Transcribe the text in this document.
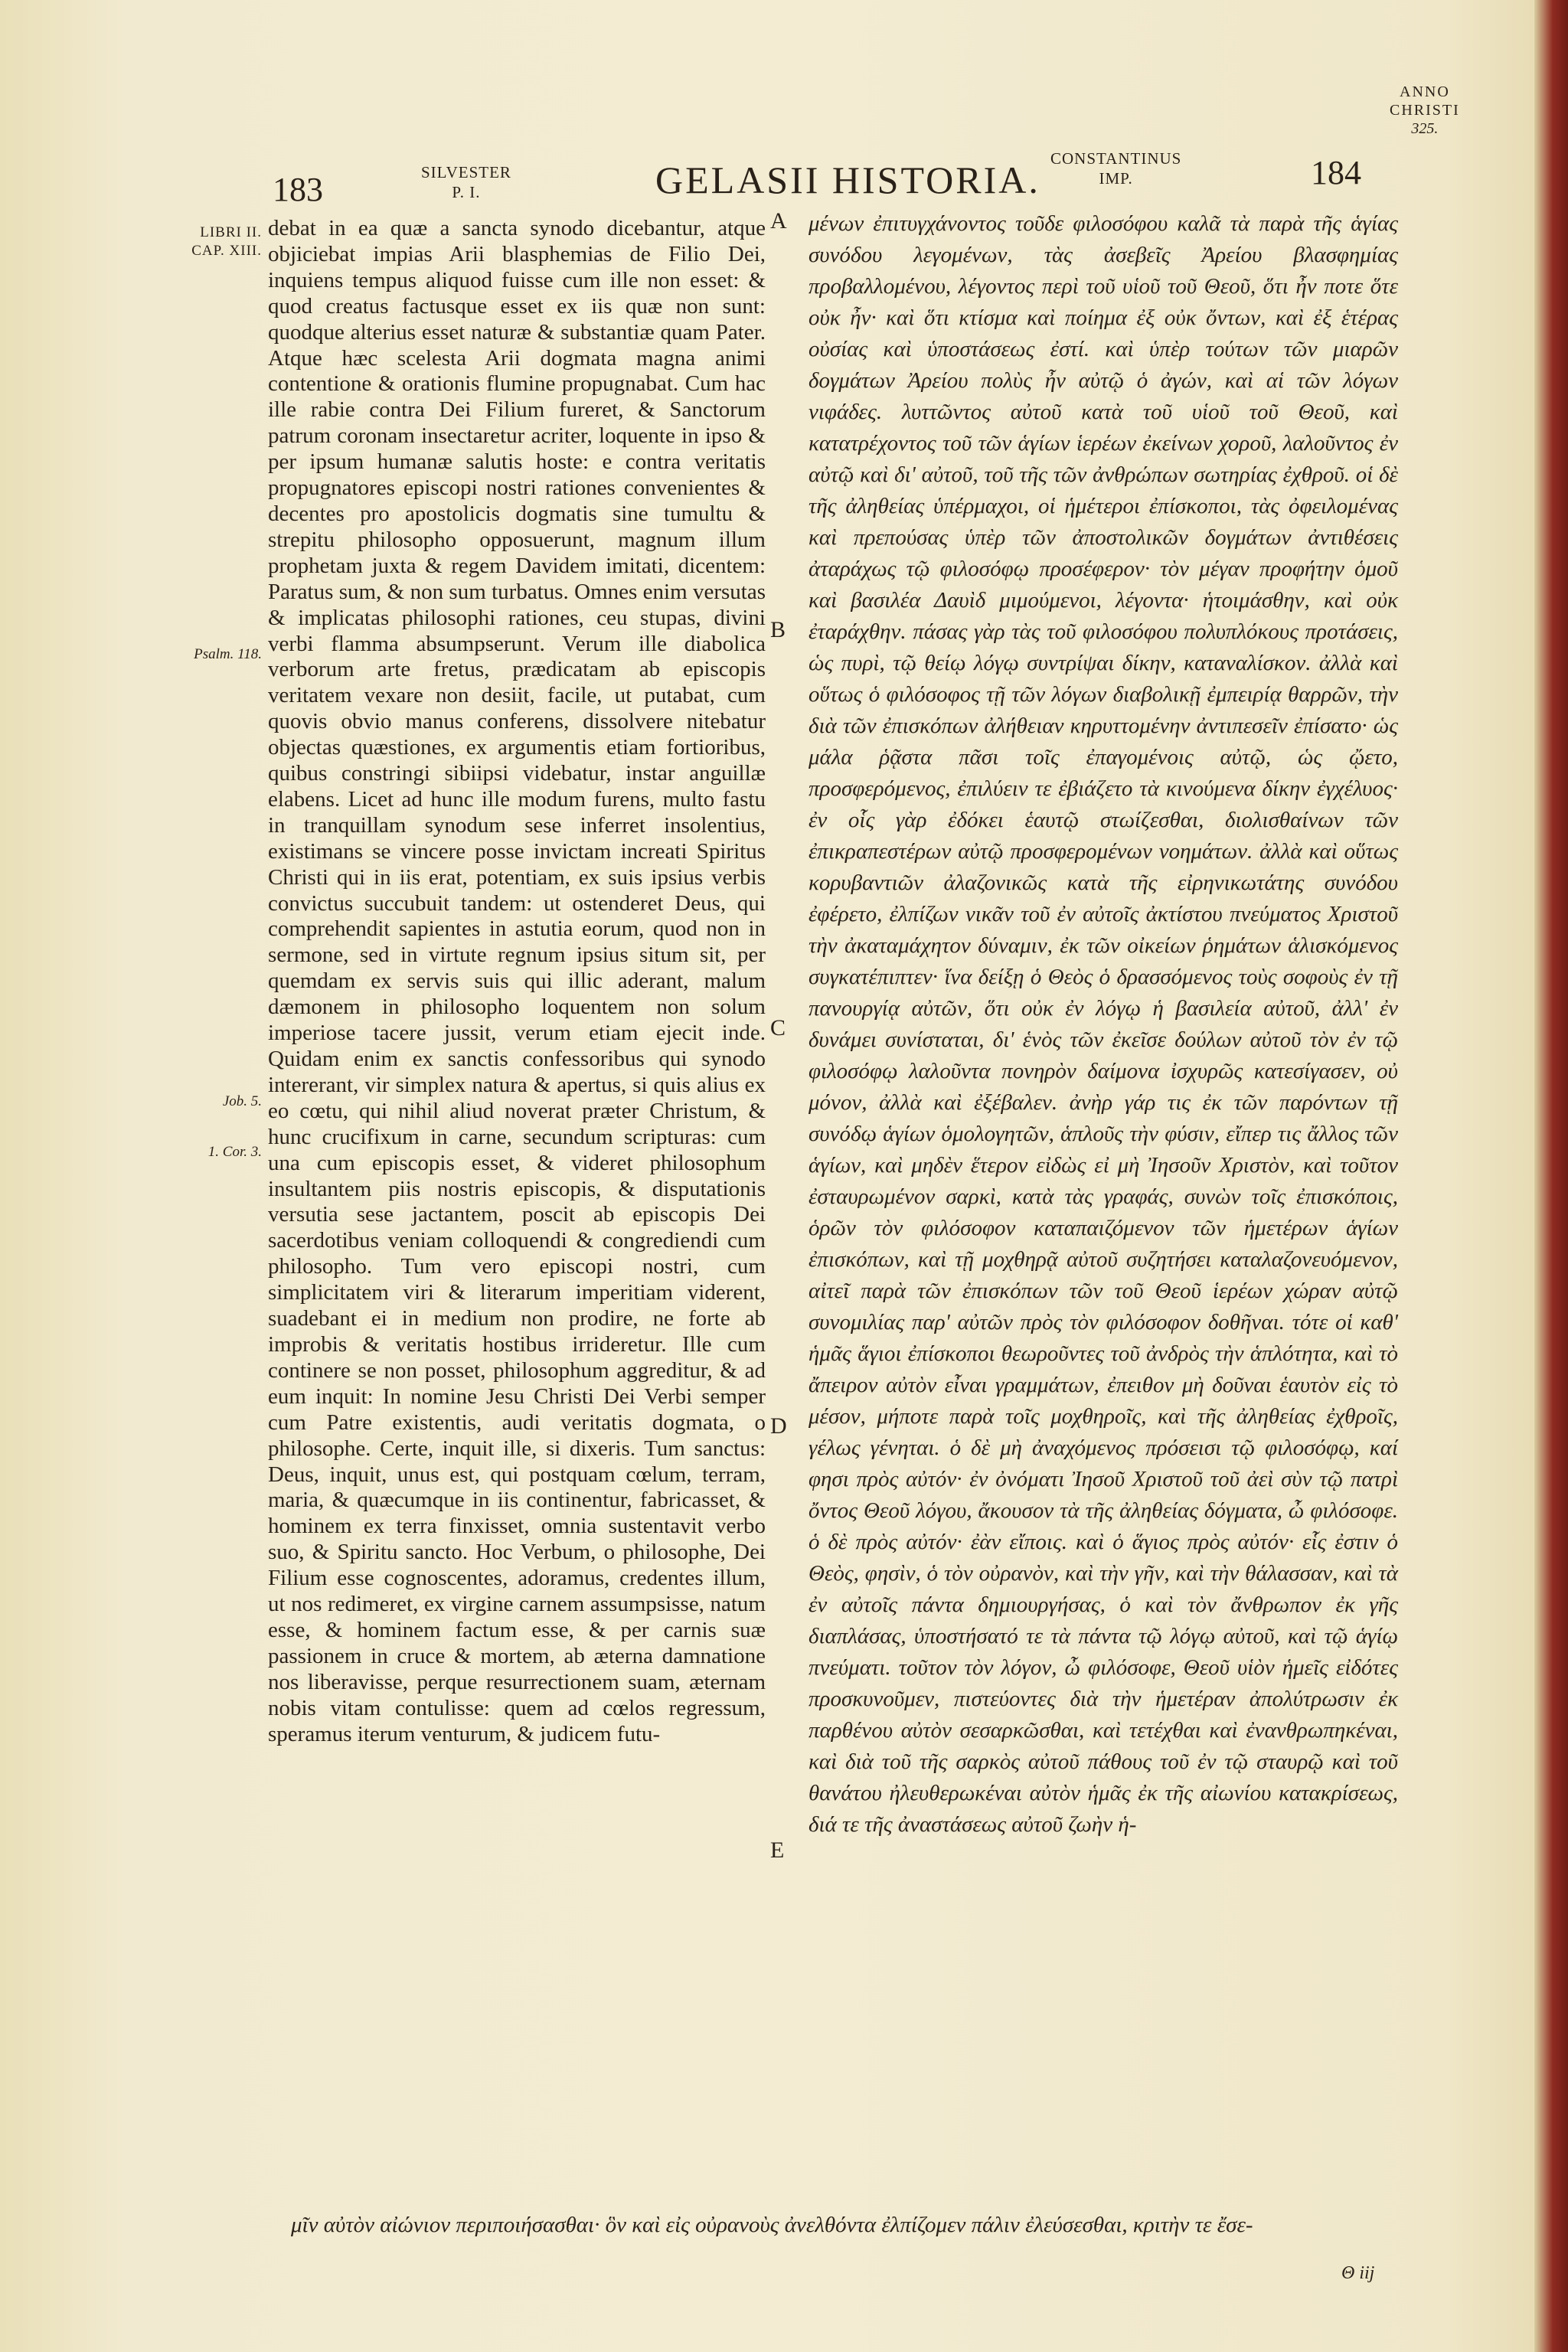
183	SILVESTER
P. I.	GELASII HISTORIA. CONSTANTINUS
IMP.	184
ANNO
CHRISTI
325.
LIBRI II.
CAP. XIII.
Psalm. 118.
Job. 5.
1. Cor. 3.
debat in ea quæ a sancta synodo dicebantur, atque objiciebat impias Arii blasphemias de Filio Dei, inquiens tempus aliquod fuisse cum ille non esset: & quod creatus factusque esset ex iis quæ non sunt: quodque alterius esset naturæ & substantiæ quam Pater. Atque hæc scelesta Arii dogmata magna animi contentione & orationis flumine propugnabat. Cum hac ille rabie contra Dei Filium fureret, & Sanctorum patrum coronam insectaretur acriter, loquente in ipso & per ipsum humanæ salutis hoste: e contra veritatis propugnatores episcopi nostri rationes convenientes & decentes pro apostolicis dogmatis sine tumultu & strepitu philosopho opposuerunt, magnum illum prophetam juxta & regem Davidem imitati, dicentem: Paratus sum, & non sum turbatus. Omnes enim versutas & implicatas philosophi rationes, ceu stupas, divini verbi flamma absumpserunt. Verum ille diabolica verborum arte fretus, prædicatam ab episcopis veritatem vexare non desiit, facile, ut putabat, cum quovis obvio manus conferens, dissolvere nitebatur objectas quæstiones, ex argumentis etiam fortioribus, quibus constringi sibiipsi videbatur, instar anguillæ elabens. Licet ad hunc ille modum furens, multo fastu in tranquillam synodum sese inferret insolentius, existimans se vincere posse invictam increati Spiritus Christi qui in iis erat, potentiam, ex suis ipsius verbis convictus succubuit tandem: ut ostenderet Deus, qui comprehendit sapientes in astutia eorum, quod non in sermone, sed in virtute regnum ipsius situm sit, per quemdam ex servis suis qui illic aderant, malum dæmonem in philosopho loquentem non solum imperiose tacere jussit, verum etiam ejecit inde. Quidam enim ex sanctis confessoribus qui synodo intererant, vir simplex natura & apertus, si quis alius ex eo cœtu, qui nihil aliud noverat præter Christum, & hunc crucifixum in carne, secundum scripturas: cum una cum episcopis esset, & videret philosophum insultantem piis nostris episcopis, & disputationis versutia sese jactantem, poscit ab episcopis Dei sacerdotibus veniam colloquendi & congrediendi cum philosopho. Tum vero episcopi nostri, cum simplicitatem viri & literarum imperitiam viderent, suadebant ei in medium non prodire, ne forte ab improbis & veritatis hostibus irrideretur. Ille cum continere se non posset, philosophum aggreditur, & ad eum inquit: In nomine Jesu Christi Dei Verbi semper cum Patre existentis, audi veritatis dogmata, o philosophe. Certe, inquit ille, si dixeris. Tum sanctus: Deus, inquit, unus est, qui postquam cœlum, terram, maria, & quæcumque in iis continentur, fabricasset, & hominem ex terra finxisset, omnia sustentavit verbo suo, & Spiritu sancto. Hoc Verbum, o philosophe, Dei Filium esse cognoscentes, adoramus, credentes illum, ut nos redimeret, ex virgine carnem assumpsisse, natum esse, & hominem factum esse, & per carnis suæ passionem in cruce & mortem, ab æterna damnatione nos liberavisse, perque resurrectionem suam, æternam nobis vitam contulisse: quem ad cœlos regressum, speramus iterum venturum, & judicem futu-
A
B
C
D
E
μένων ἐπιτυγχάνοντος τοῦδε φιλοσόφου καλᾶ τὰ παρὰ τῆς ἁγίας συνόδου λεγομένων, τὰς ἀσεβεῖς Ἀρείου βλασφημίας προβαλλομένου, λέγοντος περὶ τοῦ υἱοῦ τοῦ Θεοῦ, ὅτι ἦν ποτε ὅτε οὐκ ἦν· καὶ ὅτι κτίσμα καὶ ποίημα ἐξ οὐκ ὄντων, καὶ ἐξ ἑτέρας οὐσίας καὶ ὑποστάσεως ἐστί. καὶ ὑπὲρ τούτων τῶν μιαρῶν δογμάτων Ἀρείου πολὺς ἦν αὐτῷ ὁ ἀγών, καὶ αἱ τῶν λόγων νιφάδες. λυττῶντος αὐτοῦ κατὰ τοῦ υἱοῦ τοῦ Θεοῦ, καὶ κατατρέχοντος τοῦ τῶν ἁγίων ἱερέων ἐκείνων χοροῦ, λαλοῦντος ἐν αὐτῷ καὶ δι' αὐτοῦ, τοῦ τῆς τῶν ἀνθρώπων σωτηρίας ἐχθροῦ. οἱ δὲ τῆς ἀληθείας ὑπέρμαχοι, οἱ ἡμέτεροι ἐπίσκοποι, τὰς ὀφειλομένας καὶ πρεπούσας ὑπὲρ τῶν ἀποστολικῶν δογμάτων ἀντιθέσεις ἀταράχως τῷ φιλοσόφῳ προσέφερον· τὸν μέγαν προφήτην ὁμοῦ καὶ βασιλέα Δαυὶδ μιμούμενοι, λέγοντα· ἡτοιμάσθην, καὶ οὐκ ἐταράχθην. πάσας γὰρ τὰς τοῦ φιλοσόφου πολυπλόκους προτάσεις, ὡς πυρὶ, τῷ θείῳ λόγῳ συντρίψαι δίκην, καταναλίσκον. ἀλλὰ καὶ οὕτως ὁ φιλόσοφος τῇ τῶν λόγων διαβολικῇ ἐμπειρίᾳ θαρρῶν, τὴν διὰ τῶν ἐπισκόπων ἀλήθειαν κηρυττομένην ἀντιπεσεῖν ἐπίσατο· ὡς μάλα ῥᾷστα πᾶσι τοῖς ἐπαγομένοις αὐτῷ, ὡς ᾤετο, προσφερόμενος, ἐπιλύειν τε ἐβιάζετο τὰ κινούμενα δίκην ἐγχέλυος· ἐν οἷς γὰρ ἐδόκει ἑαυτῷ στωίζεσθαι, διολισθαίνων τῶν ἐπικραπεστέρων αὐτῷ προσφερομένων νοημάτων. ἀλλὰ καὶ οὕτως κορυβαντιῶν ἀλαζονικῶς κατὰ τῆς εἰρηνικωτάτης συνόδου ἐφέρετο, ἐλπίζων νικᾶν τοῦ ἐν αὐτοῖς ἀκτίστου πνεύματος Χριστοῦ τὴν ἀκαταμάχητον δύναμιν, ἐκ τῶν οἰκείων ῥημάτων ἁλισκόμενος συγκατέπιπτεν· ἵνα δείξῃ ὁ Θεὸς ὁ δρασσόμενος τοὺς σοφοὺς ἐν τῇ πανουργίᾳ αὐτῶν, ὅτι οὐκ ἐν λόγῳ ἡ βασιλεία αὐτοῦ, ἀλλ' ἐν δυνάμει συνίσταται, δι' ἑνὸς τῶν ἐκεῖσε δούλων αὐτοῦ τὸν ἐν τῷ φιλοσόφῳ λαλοῦντα πονηρὸν δαίμονα ἰσχυρῶς κατεσίγασεν, οὐ μόνον, ἀλλὰ καὶ ἐξέβαλεν. ἀνὴρ γάρ τις ἐκ τῶν παρόντων τῇ συνόδῳ ἁγίων ὁμολογητῶν, ἁπλοῦς τὴν φύσιν, εἴπερ τις ἄλλος τῶν ἁγίων, καὶ μηδὲν ἕτερον εἰδὼς εἰ μὴ Ἰησοῦν Χριστὸν, καὶ τοῦτον ἐσταυρωμένον σαρκὶ, κατὰ τὰς γραφάς, συνὼν τοῖς ἐπισκόποις, ὁρῶν τὸν φιλόσοφον καταπαιζόμενον τῶν ἡμετέρων ἁγίων ἐπισκόπων, καὶ τῇ μοχθηρᾷ αὐτοῦ συζητήσει καταλαζονευόμενον, αἰτεῖ παρὰ τῶν ἐπισκόπων τῶν τοῦ Θεοῦ ἱερέων χώραν αὐτῷ συνομιλίας παρ' αὐτῶν πρὸς τὸν φιλόσοφον δοθῆναι. τότε οἱ καθ' ἡμᾶς ἅγιοι ἐπίσκοποι θεωροῦντες τοῦ ἀνδρὸς τὴν ἁπλότητα, καὶ τὸ ἄπειρον αὐτὸν εἶναι γραμμάτων, ἐπειθον μὴ δοῦναι ἑαυτὸν εἰς τὸ μέσον, μήποτε παρὰ τοῖς μοχθηροῖς, καὶ τῆς ἀληθείας ἐχθροῖς, γέλως γένηται. ὁ δὲ μὴ ἀναχόμενος πρόσεισι τῷ φιλοσόφῳ, καί φησι πρὸς αὐτόν· ἐν ὀνόματι Ἰησοῦ Χριστοῦ τοῦ ἀεὶ σὺν τῷ πατρὶ ὄντος Θεοῦ λόγου, ἄκουσον τὰ τῆς ἀληθείας δόγματα, ὦ φιλόσοφε. ὁ δὲ πρὸς αὐτόν· ἐὰν εἴποις. καὶ ὁ ἅγιος πρὸς αὐτόν· εἷς ἐστιν ὁ Θεὸς, φησὶν, ὁ τὸν οὐρανὸν, καὶ τὴν γῆν, καὶ τὴν θάλασσαν, καὶ τὰ ἐν αὐτοῖς πάντα δημιουργήσας, ὁ καὶ τὸν ἄνθρωπον ἐκ γῆς διαπλάσας, ὑποστήσατό τε τὰ πάντα τῷ λόγῳ αὐτοῦ, καὶ τῷ ἁγίῳ πνεύματι. τοῦτον τὸν λόγον, ὦ φιλόσοφε, Θεοῦ υἱὸν ἡμεῖς εἰδότες προσκυνοῦμεν, πιστεύοντες διὰ τὴν ἡμετέραν ἀπολύτρωσιν ἐκ παρθένου αὐτὸν σεσαρκῶσθαι, καὶ τετέχθαι καὶ ἐνανθρωπηκέναι, καὶ διὰ τοῦ τῆς σαρκὸς αὐτοῦ πάθους τοῦ ἐν τῷ σταυρῷ καὶ τοῦ θανάτου ἠλευθερωκέναι αὐτὸν ἡμᾶς ἐκ τῆς αἰωνίου κατακρίσεως, διά τε τῆς ἀναστάσεως αὐτοῦ ζωὴν ἡ-
μῖν αὐτὸν αἰώνιον περιποιήσασθαι· ὃν καὶ εἰς οὐρανοὺς ἀνελθόντα ἐλπίζομεν πάλιν ἐλεύσεσθαι, κριτὴν τε ἔσε-
Θ iij
